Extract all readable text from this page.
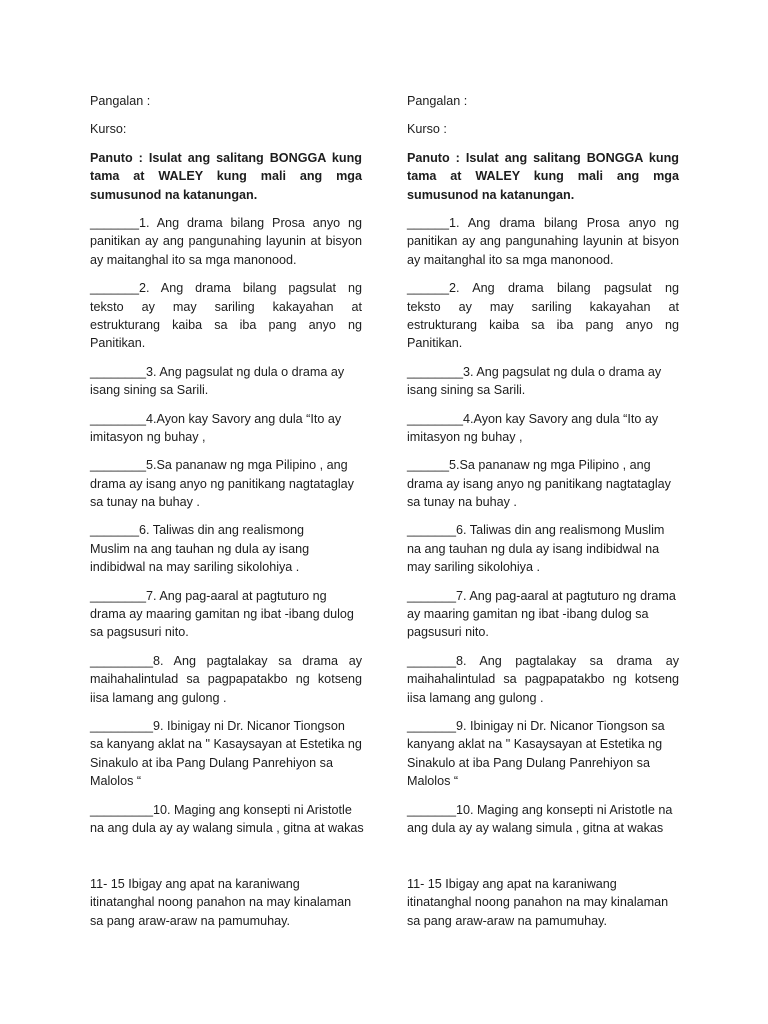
Pangalan :

Kurso:

Panuto : Isulat ang salitang BONGGA kung
tama at WALEY kung mali ang mga
sumusunod na katanungan.
_______1. Ang drama bilang Prosa anyo ng
panitikan ay ang pangunahing layunin at bisyon
ay maitanghal ito sa mga manonood.
_______2. Ang drama bilang pagsulat ng
teksto ay may sariling kakayahan at
estrukturang kaiba sa iba pang anyo ng
Panitikan.
________3. Ang pagsulat ng dula o drama ay
isang sining sa Sarili.
________4.Ayon kay Savory ang dula “Ito ay
imitasyon ng buhay ,
________5.Sa pananaw ng mga Pilipino , ang
drama ay isang anyo ng panitikang nagtataglay
sa tunay na buhay .
_______6. Taliwas din ang realismong
Muslim na ang tauhan ng dula ay isang
indibidwal na may sariling sikolohiya .
________7. Ang pag-aaral at pagtuturo ng
drama ay maaring gamitan ng ibat -ibang dulog
sa pagsusuri nito.
_________8. Ang pagtalakay sa drama ay
maihahalintulad sa pagpapatakbo ng kotseng
iisa lamang ang gulong .
_________9. Ibinigay ni Dr. Nicanor Tiongson
sa kanyang aklat na " Kasaysayan at Estetika ng
Sinakulo at iba Pang Dulang Panrehiyon sa
Malolos “
_________10. Maging ang konsepti ni Aristotle
na ang dula ay ay walang simula , gitna at wakas
11- 15 Ibigay ang apat na karaniwang
itinatanghal noong panahon na may kinalaman
sa pang araw-araw na pamumuhay.

Pangalan :

Kurso :

Panuto : Isulat ang salitang BONGGA kung
tama at WALEY kung mali ang mga
sumusunod na katanungan.
______1. Ang drama bilang Prosa anyo ng
panitikan ay ang pangunahing layunin at bisyon
ay maitanghal ito sa mga manonood.
______2. Ang drama bilang pagsulat ng
teksto ay may sariling kakayahan at
estrukturang kaiba sa iba pang anyo ng
Panitikan.
________3. Ang pagsulat ng dula o drama ay
isang sining sa Sarili.
________4.Ayon kay Savory ang dula “Ito ay
imitasyon ng buhay ,
______5.Sa pananaw ng mga Pilipino , ang
drama ay isang anyo ng panitikang nagtataglay
sa tunay na buhay .
_______6. Taliwas din ang realismong Muslim
na ang tauhan ng dula ay isang indibidwal na
may sariling sikolohiya .
_______7. Ang pag-aaral at pagtuturo ng drama
ay maaring gamitan ng ibat -ibang dulog sa
pagsusuri nito.
_______8. Ang pagtalakay sa drama ay
maihahalintulad sa pagpapatakbo ng kotseng
iisa lamang ang gulong .
_______9. Ibinigay ni Dr. Nicanor Tiongson sa
kanyang aklat na " Kasaysayan at Estetika ng
Sinakulo at iba Pang Dulang Panrehiyon sa
Malolos “
_______10. Maging ang konsepti ni Aristotle na
ang dula ay ay walang simula , gitna at wakas
11- 15 Ibigay ang apat na karaniwang
itinatanghal noong panahon na may kinalaman
sa pang araw-araw na pamumuhay.
